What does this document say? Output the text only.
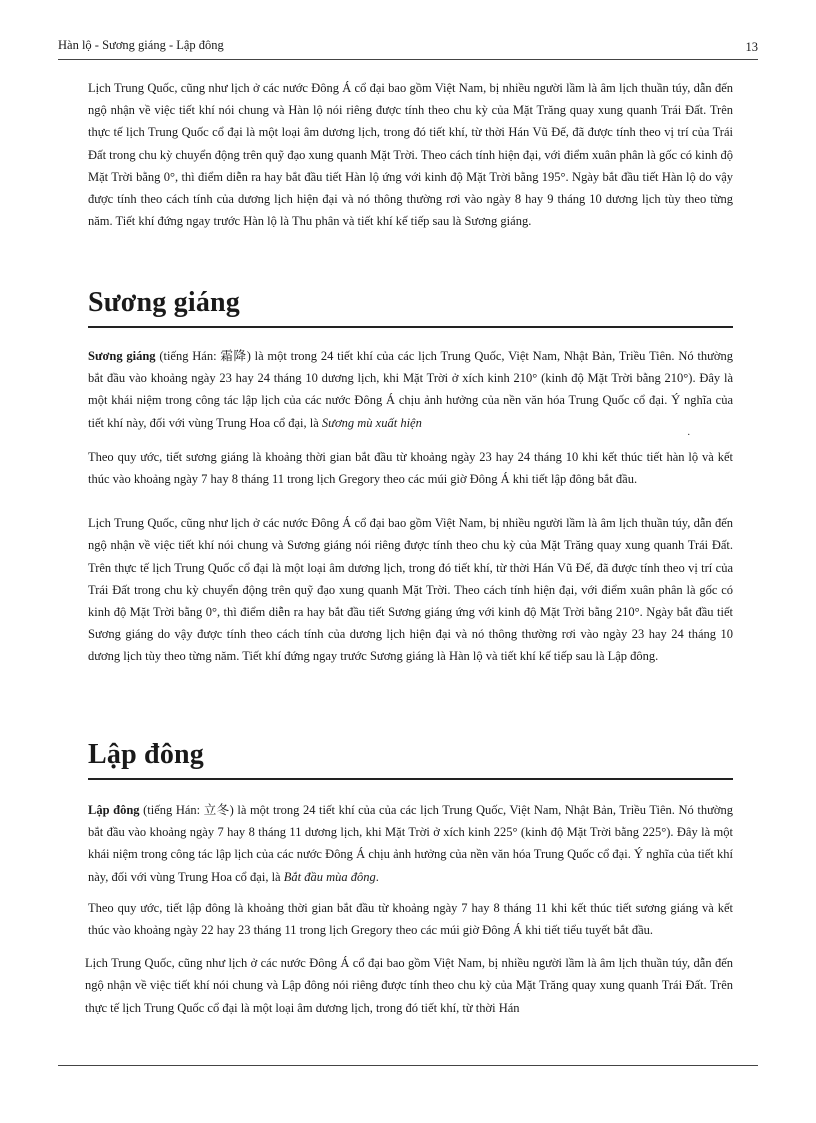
Hàn lộ - Sương giáng - Lập đông	13

Lịch Trung Quốc, cũng như lịch ở các nước Đông Á cổ đại bao gồm Việt Nam, bị nhiều người lầm là âm lịch thuần túy, dẫn đến ngộ nhận về việc tiết khí nói chung và Hàn lộ nói riêng được tính theo chu kỳ của Mặt Trăng quay xung quanh Trái Đất. Trên thực tế lịch Trung Quốc cổ đại là một loại âm dương lịch, trong đó tiết khí, từ thời Hán Vũ Đế, đã được tính theo vị trí của Trái Đất trong chu kỳ chuyển động trên quỹ đạo xung quanh Mặt Trời. Theo cách tính hiện đại, với điểm xuân phân là gốc có kinh độ Mặt Trời bằng 0°, thì điểm diễn ra hay bắt đầu tiết Hàn lộ ứng với kinh độ Mặt Trời bằng 195°. Ngày bắt đầu tiết Hàn lộ do vậy được tính theo cách tính của dương lịch hiện đại và nó thông thường rơi vào ngày 8 hay 9 tháng 10 dương lịch tùy theo từng năm. Tiết khí đứng ngay trước Hàn lộ là Thu phân và tiết khí kế tiếp sau là Sương giáng.

Sương giáng

Sương giáng (tiếng Hán: 霜降) là một trong 24 tiết khí của các lịch Trung Quốc, Việt Nam, Nhật Bản, Triều Tiên. Nó thường bắt đầu vào khoảng ngày 23 hay 24 tháng 10 dương lịch, khi Mặt Trời ở xích kinh 210° (kinh độ Mặt Trời bằng 210°). Đây là một khái niệm trong công tác lập lịch của các nước Đông Á chịu ảnh hưởng của nền văn hóa Trung Quốc cổ đại. Ý nghĩa của tiết khí này, đối với vùng Trung Hoa cổ đại, là Sương mù xuất hiện

.

Theo quy ước, tiết sương giáng là khoảng thời gian bắt đầu từ khoảng ngày 23 hay 24 tháng 10 khi kết thúc tiết hàn lộ và kết thúc vào khoảng ngày 7 hay 8 tháng 11 trong lịch Gregory theo các múi giờ Đông Á khi tiết lập đông bắt đầu.

Lịch Trung Quốc, cũng như lịch ở các nước Đông Á cổ đại bao gồm Việt Nam, bị nhiều người lầm là âm lịch thuần túy, dẫn đến ngộ nhận về việc tiết khí nói chung và Sương giáng nói riêng được tính theo chu kỳ của Mặt Trăng quay xung quanh Trái Đất. Trên thực tế lịch Trung Quốc cổ đại là một loại âm dương lịch, trong đó tiết khí, từ thời Hán Vũ Đế, đã được tính theo vị trí của Trái Đất trong chu kỳ chuyển động trên quỹ đạo xung quanh Mặt Trời. Theo cách tính hiện đại, với điểm xuân phân là gốc có kinh độ Mặt Trời bằng 0°, thì điểm diễn ra hay bắt đầu tiết Sương giáng ứng với kinh độ Mặt Trời bằng 210°. Ngày bắt đầu tiết Sương giáng do vậy được tính theo cách tính của dương lịch hiện đại và nó thông thường rơi vào ngày 23 hay 24 tháng 10 dương lịch tùy theo từng năm. Tiết khí đứng ngay trước Sương giáng là Hàn lộ và tiết khí kế tiếp sau là Lập đông.

Lập đông

Lập đông (tiếng Hán: 立冬) là một trong 24 tiết khí của của các lịch Trung Quốc, Việt Nam, Nhật Bản, Triều Tiên. Nó thường bắt đầu vào khoảng ngày 7 hay 8 tháng 11 dương lịch, khi Mặt Trời ở xích kinh 225° (kinh độ Mặt Trời bằng 225°). Đây là một khái niệm trong công tác lập lịch của các nước Đông Á chịu ảnh hưởng của nền văn hóa Trung Quốc cổ đại. Ý nghĩa của tiết khí này, đối với vùng Trung Hoa cổ đại, là Bắt đầu mùa đông.

Theo quy ước, tiết lập đông là khoảng thời gian bắt đầu từ khoảng ngày 7 hay 8 tháng 11 khi kết thúc tiết sương giáng và kết thúc vào khoảng ngày 22 hay 23 tháng 11 trong lịch Gregory theo các múi giờ Đông Á khi tiết tiểu tuyết bắt đầu.

Lịch Trung Quốc, cũng như lịch ở các nước Đông Á cổ đại bao gồm Việt Nam, bị nhiều người lầm là âm lịch thuần túy, dẫn đến ngộ nhận về việc tiết khí nói chung và Lập đông nói riêng được tính theo chu kỳ của Mặt Trăng quay xung quanh Trái Đất. Trên thực tế lịch Trung Quốc cổ đại là một loại âm dương lịch, trong đó tiết khí, từ thời Hán
